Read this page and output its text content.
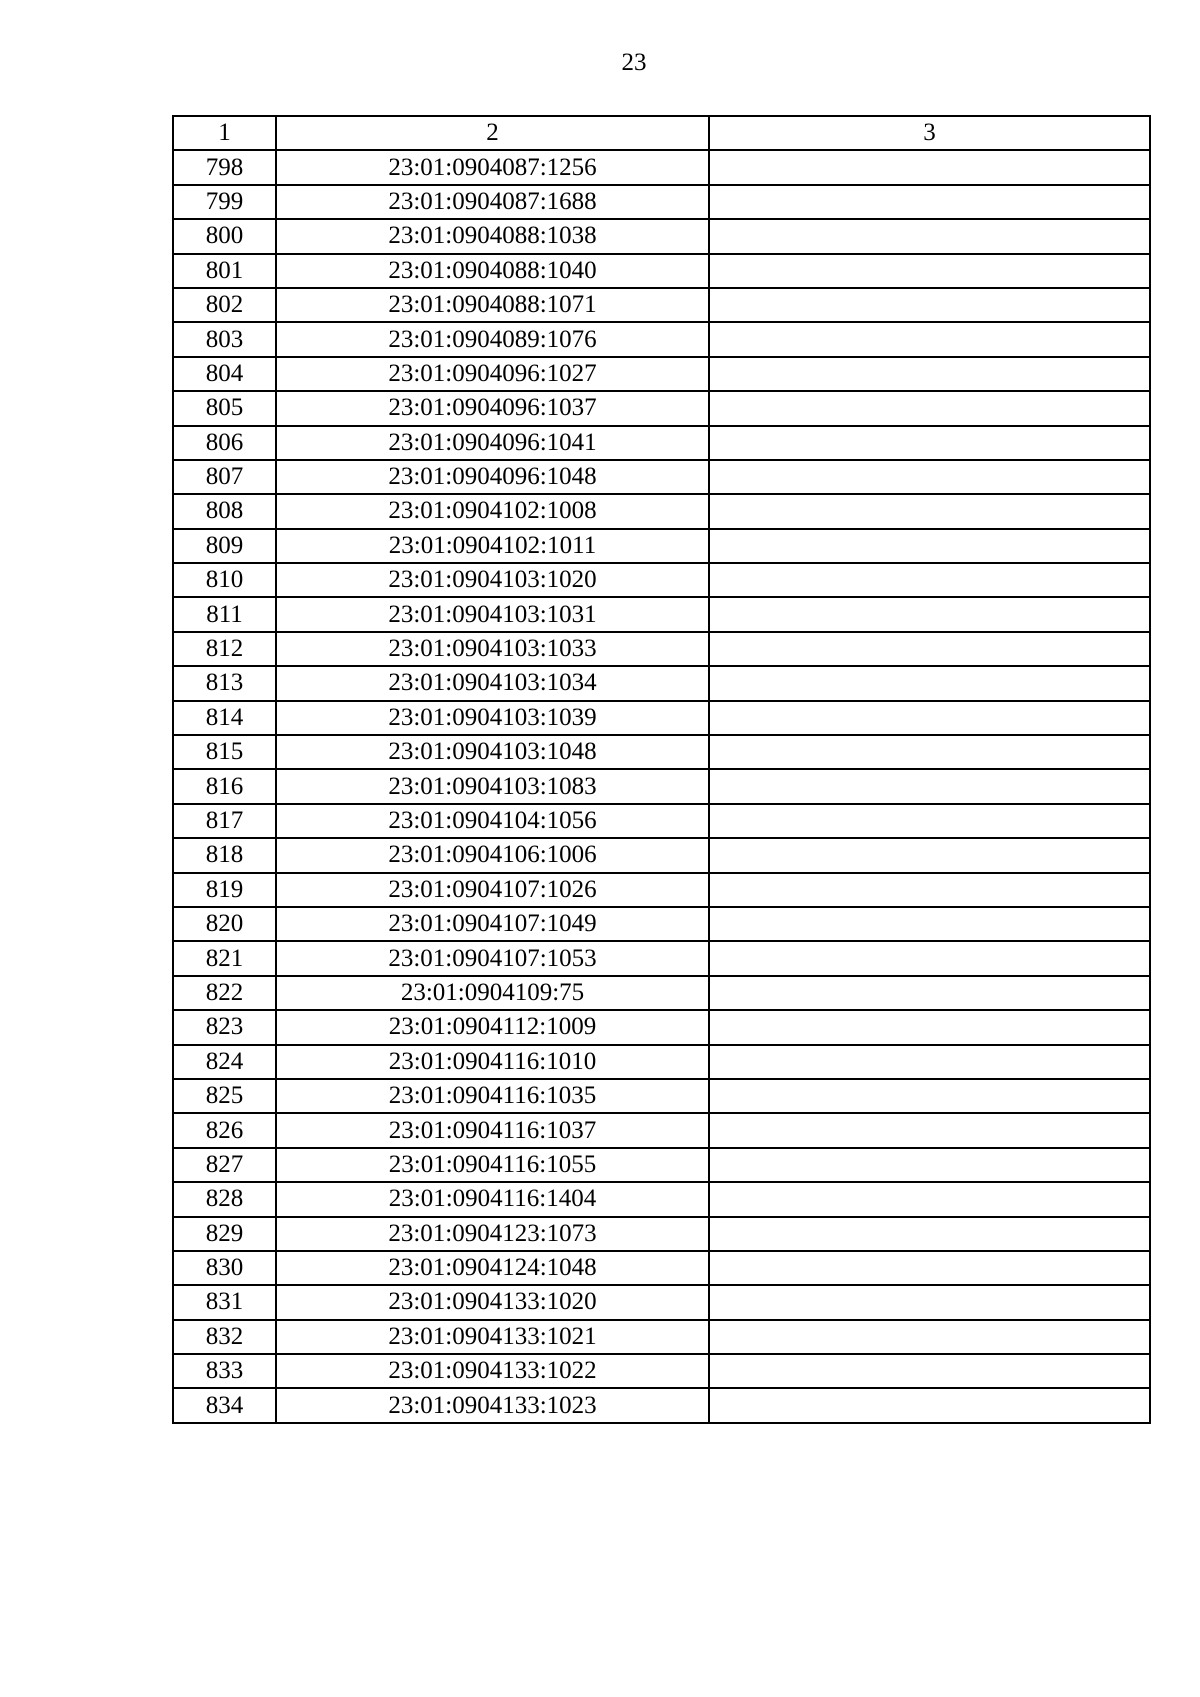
23
1	2	3
798	23:01:0904087:1256	
799	23:01:0904087:1688	
800	23:01:0904088:1038	
801	23:01:0904088:1040	
802	23:01:0904088:1071	
803	23:01:0904089:1076	
804	23:01:0904096:1027	
805	23:01:0904096:1037	
806	23:01:0904096:1041	
807	23:01:0904096:1048	
808	23:01:0904102:1008	
809	23:01:0904102:1011	
810	23:01:0904103:1020	
811	23:01:0904103:1031	
812	23:01:0904103:1033	
813	23:01:0904103:1034	
814	23:01:0904103:1039	
815	23:01:0904103:1048	
816	23:01:0904103:1083	
817	23:01:0904104:1056	
818	23:01:0904106:1006	
819	23:01:0904107:1026	
820	23:01:0904107:1049	
821	23:01:0904107:1053	
822	23:01:0904109:75	
823	23:01:0904112:1009	
824	23:01:0904116:1010	
825	23:01:0904116:1035	
826	23:01:0904116:1037	
827	23:01:0904116:1055	
828	23:01:0904116:1404	
829	23:01:0904123:1073	
830	23:01:0904124:1048	
831	23:01:0904133:1020	
832	23:01:0904133:1021	
833	23:01:0904133:1022	
834	23:01:0904133:1023	
